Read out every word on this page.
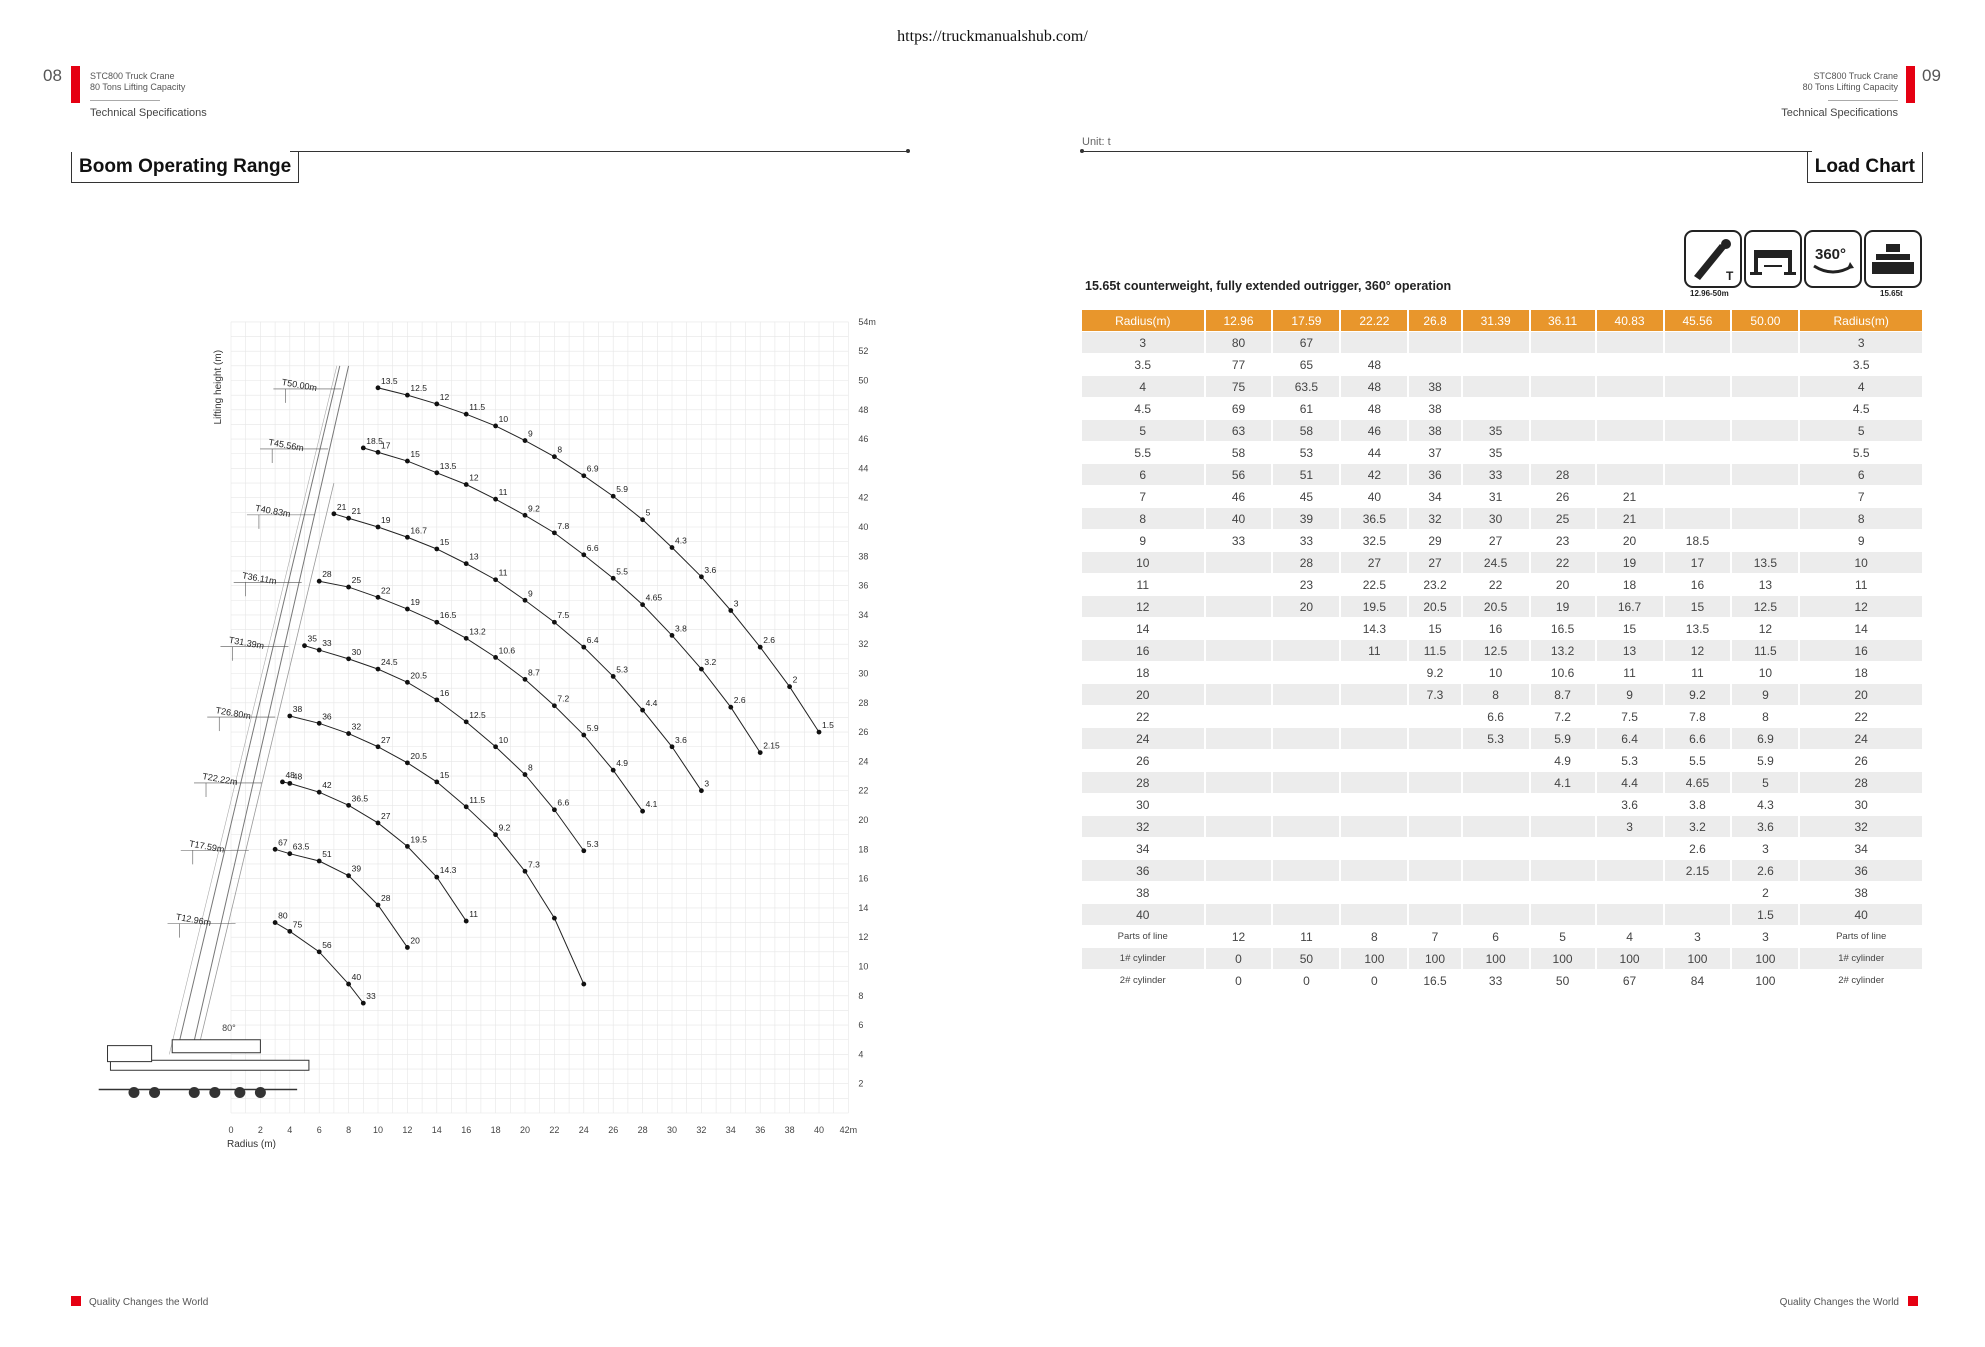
https://truckmanualshub.com/
08	STC800 Truck Crane
80 Tons Lifting Capacity
Technical Specifications
Boom Operating Range
09
STC800 Truck Crane
80 Tons Lifting Capacity
Technical Specifications
Unit: t
Load Chart
T
12.96-50m
360°
15.65t
15.65t counterweight, fully extended outrigger, 360° operation
Radius(m)	12.96	17.59	22.22	26.8	31.39	36.11	40.83	45.56	50.00	Radius(m)
3	80	67								3
3.5	77	65	48							3.5
4	75	63.5	48	38						4
4.5	69	61	48	38						4.5
5	63	58	46	38	35					5
5.5	58	53	44	37	35					5.5
6	56	51	42	36	33	28				6
7	46	45	40	34	31	26	21			7
8	40	39	36.5	32	30	25	21			8
9	33	33	32.5	29	27	23	20	18.5		9
10		28	27	27	24.5	22	19	17	13.5	10
11		23	22.5	23.2	22	20	18	16	13	11
12		20	19.5	20.5	20.5	19	16.7	15	12.5	12
14			14.3	15	16	16.5	15	13.5	12	14
16			11	11.5	12.5	13.2	13	12	11.5	16
18				9.2	10	10.6	11	11	10	18
20				7.3	8	8.7	9	9.2	9	20
22					6.6	7.2	7.5	7.8	8	22
24					5.3	5.9	6.4	6.6	6.9	24
26						4.9	5.3	5.5	5.9	26
28						4.1	4.4	4.65	5	28
30							3.6	3.8	4.3	30
32							3	3.2	3.6	32
34								2.6	3	34
36								2.15	2.6	36
38									2	38
40									1.5	40
Parts of line	12	11	8	7	6	5	4	3	3	Parts of line
1# cylinder	0	50	100	100	100	100	100	100	100	1# cylinder
2# cylinder	0	0	0	16.5	33	50	67	84	100	2# cylinder
0	2	4	6	8 10 12 14 16 18 20 22 24 26 28 30 32 34 36 38 40 42m
2
4
6
8
10
12
14
16
18
20
22
24
26
28
30
32
34
36
38
40
42
44
46
48
50
52
54m
Radius (m)
Lifting height (m)
80°
80
75
56
40
33
T12.96m
67 63.5
51
39
28
20
T17.59m
48
48
42
36.5
27
19.5
14.3
11
T22.22m
38
36
32
27
20.5
15
11.5
9.2
7.3
T26.80m
35 33
30
24.5
20.5
16
12.5
10
8
6.6
5.3
T31.39m
28
25
22
19
16.5
13.2
10.6
8.7
7.2
5.9
4.9
4.1
T36.11m
21 21
19
16.7
15
13
11
9
7.5
6.4
5.3
4.4
3.6
3
T40.83m
18.5
17
15
13.5
12
11
9.2
7.8
6.6
5.5
4.65
3.8
3.2
2.6
2.15
T45.56m
13.5
12.5
12
11.5
10
9
8
6.9
5.9
5
4.3
3.6
3
2.6
2
1.5
T50.00m
Quality Changes the World	Quality Changes the World
